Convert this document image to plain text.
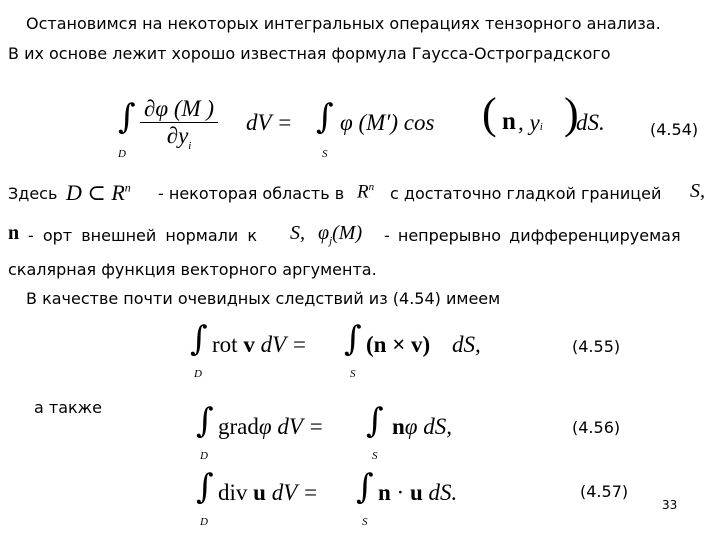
Остановимся на некоторых интегральных операциях тензорного анализа.
В их основе лежит хорошо известная формула Гаусса-Остроградского
∫
D
$\frac{\partial\varphi (M )}{\partial y_i}$ dV = ∫
S
φ (M′) cos ( n , yi )
dS.	(4.54)
Здесь D ⊂ $R^n$ - некоторая область в $R^n$ с достаточно гладкой границей S,
n - орт внешней нормали к S, $\varphi_j(M)$ - непрерывно дифференцируемая
скалярная функция векторного аргумента.
В качестве почти очевидных следствий из (4.54) имеем
∫
D
rot v dV = ∫
S
(n × v) dS,	(4.55)
а также	∫
D
gradφ dV = ∫
S
nφ dS,	(4.56)
∫
D
div u dV = ∫
S
n · u dS.	(4.57)
33
